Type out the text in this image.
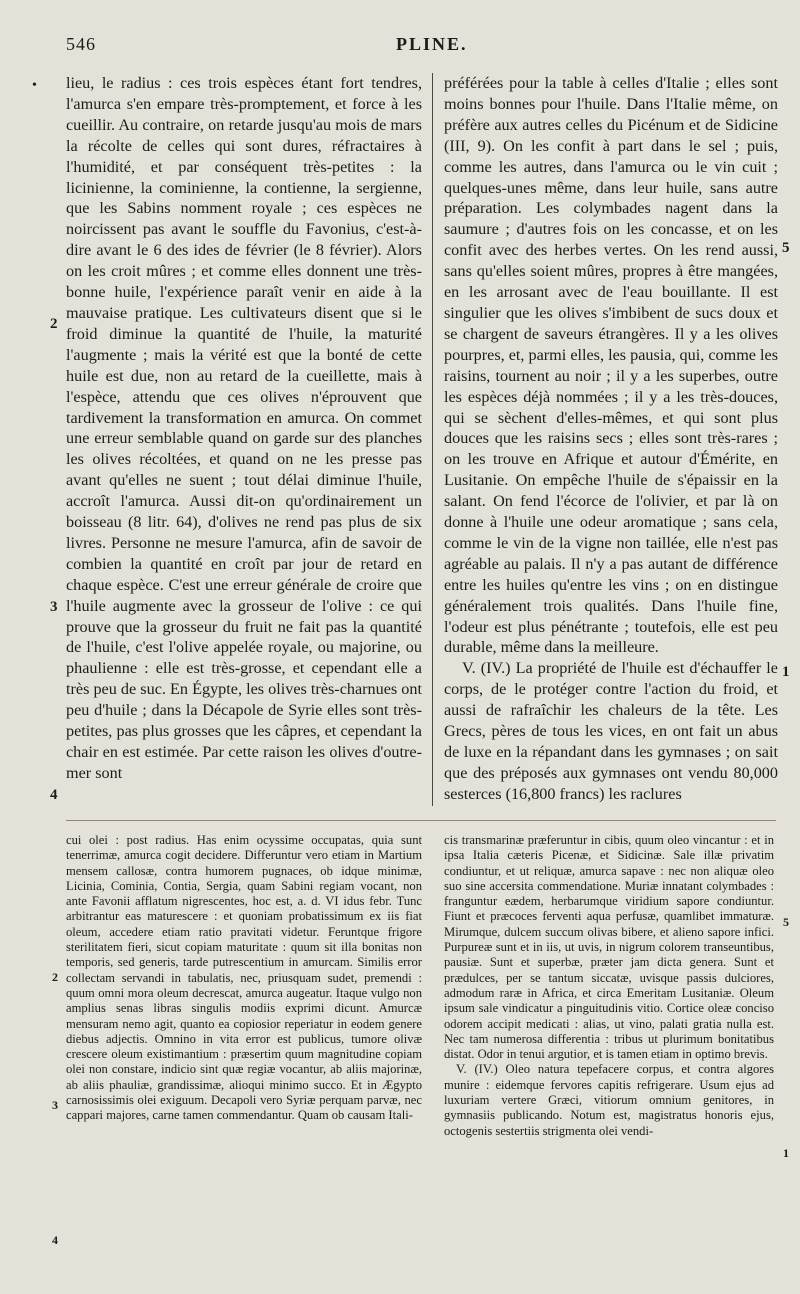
546	PLINE.
• lieu, le radius : ces trois espèces étant fort tendres, l'amurca s'en empare très-promptement, et force à les cueillir. Au contraire, on retarde jusqu'au mois de mars la récolte de celles qui sont dures, réfractaires à l'humidité, et par conséquent très-petites : la licinienne, la cominienne, la contienne, la sergienne, que les Sabins nomment royale ; ces espèces ne noircissent pas avant le souffle du Favonius, c'est-à-dire avant le 6 des ides de février (le 8 février). Alors on les croit mûres ; et comme elles donnent une très-bonne huile, l'expérience paraît venir en aide à la mauvaise pratique. Les cultivateurs disent que si le froid diminue la quantité de l'huile, la maturité l'augmente ; mais la vérité est que la bonté de cette huile est due, non au retard de la cueillette, mais à l'espèce, attendu que ces olives n'éprouvent que tardivement la transformation en amurca. On commet une erreur semblable quand on garde sur des planches les olives récoltées, et quand on ne les presse pas avant qu'elles ne suent ; tout délai diminue l'huile, accroît l'amurca. Aussi dit-on qu'ordinairement un boisseau (8 litr. 64), d'olives ne rend pas plus de six livres. Personne ne mesure l'amurca, afin de savoir de combien la quantité en croît par jour de retard en chaque espèce. C'est une erreur générale de croire que l'huile augmente avec la grosseur de l'olive : ce qui prouve que la grosseur du fruit ne fait pas la quantité de l'huile, c'est l'olive appelée royale, ou majorine, ou phaulienne : elle est très-grosse, et cependant elle a très peu de suc. En Égypte, les olives très-charnues ont peu d'huile ; dans la Décapole de Syrie elles sont très-petites, pas plus grosses que les câpres, et cependant la chair en est estimée. Par cette raison les olives d'outre-mer sont

préférées pour la table à celles d'Italie ; elles sont moins bonnes pour l'huile. Dans l'Italie même, on préfère aux autres celles du Picénum et de Sidicine (III, 9). On les confit à part dans le sel ; puis, comme les autres, dans l'amurca ou le vin cuit ; quelques-unes même, dans leur huile, sans autre préparation. Les colymbades nagent dans la saumure ; d'autres fois on les concasse, et on les confit avec des herbes vertes. On les rend aussi, sans qu'elles soient mûres, propres à être mangées, en les arrosant avec de l'eau bouillante. Il est singulier que les olives s'imbibent de sucs doux et se chargent de saveurs étrangères. Il y a les olives pourpres, et, parmi elles, les pausia, qui, comme les raisins, tournent au noir ; il y a les superbes, outre les espèces déjà nommées ; il y a les très-douces, qui se sèchent d'elles-mêmes, et qui sont plus douces que les raisins secs ; elles sont très-rares ; on les trouve en Afrique et autour d'Émérite, en Lusitanie. On empêche l'huile de s'épaissir en la salant. On fend l'écorce de l'olivier, et par là on donne à l'huile une odeur aromatique ; sans cela, comme le vin de la vigne non taillée, elle n'est pas agréable au palais. Il n'y a pas autant de différence entre les huiles qu'entre les vins ; on en distingue généralement trois qualités. Dans l'huile fine, l'odeur est plus pénétrante ; toutefois, elle est peu durable, même dans la meilleure.

V. (IV.) La propriété de l'huile est d'échauffer le corps, de le protéger contre l'action du froid, et aussi de rafraîchir les chaleurs de la tête. Les Grecs, pères de tous les vices, en ont fait un abus de luxe en la répandant dans les gymnases ; on sait que des préposés aux gymnases ont vendu 80,000 sesterces (16,800 francs) les raclures

2
3
4
5
1

cui olei : post radius. Has enim ocyssime occupatas, quia sunt tenerrimæ, amurca cogit decidere. Differuntur vero etiam in Martium mensem callosæ, contra humorem pugnaces, ob idque minimæ, Licinia, Cominia, Contia, Sergia, quam Sabini regiam vocant, non ante Favonii afflatum nigrescentes, hoc est, a. d. VI idus febr. Tunc arbitrantur eas maturescere : et quoniam probatissimum ex iis fiat oleum, accedere etiam ratio pravitati videtur. Feruntque frigore sterilitatem fieri, sicut copiam maturitate : quum sit illa bonitas non temporis, sed generis, tarde putrescentium in amurcam. Similis error collectam servandi in tabulatis, nec, priusquam sudet, premendi : quum omni mora oleum decrescat, amurca augeatur. Itaque vulgo non amplius senas libras singulis modiis exprimi dicunt. Amurcæ mensuram nemo agit, quanto ea copiosior reperiatur in eodem genere diebus adjectis. Omnino in vita error est publicus, tumore olivæ crescere oleum existimantium : præsertim quum magnitudine copiam olei non constare, indicio sint quæ regiæ vocantur, ab aliis majorinæ, ab aliis phauliæ, grandissimæ, alioqui minimo succo. Et in Ægypto carnosissimis olei exiguum. Decapoli vero Syriæ perquam parvæ, nec cappari majores, carne tamen commendantur. Quam ob causam Itali-

cis transmarinæ præferuntur in cibis, quum oleo vincantur : et in ipsa Italia cæteris Picenæ, et Sidicinæ. Sale illæ privatim condiuntur, et ut reliquæ, amurca sapave : nec non aliquæ oleo suo sine accersita commendatione. Muriæ innatant colymbades : franguntur eædem, herbarumque viridium sapore condiuntur. Fiunt et præcoces ferventi aqua perfusæ, quamlibet immaturæ. Mirumque, dulcem succum olivas bibere, et alieno sapore infici. Purpureæ sunt et in iis, ut uvis, in nigrum colorem transeuntibus, pausiæ. Sunt et superbæ, præter jam dicta genera. Sunt et prædulces, per se tantum siccatæ, uvisque passis dulciores, admodum raræ in Africa, et circa Emeritam Lusitaniæ. Oleum ipsum sale vindicatur a pinguitudinis vitio. Cortice oleæ conciso odorem accipit medicati : alias, ut vino, palati gratia nulla est. Nec tam numerosa differentia : tribus ut plurimum bonitatibus distat. Odor in tenui argutior, et is tamen etiam in optimo brevis.

V. (IV.) Oleo natura tepefacere corpus, et contra algores munire : eidemque fervores capitis refrigerare. Usum ejus ad luxuriam vertere Græci, vitiorum omnium genitores, in gymnasiis publicando. Notum est, magistratus honoris ejus, octogenis sestertiis strigmenta olei vendi-

2
3
4
5
1
